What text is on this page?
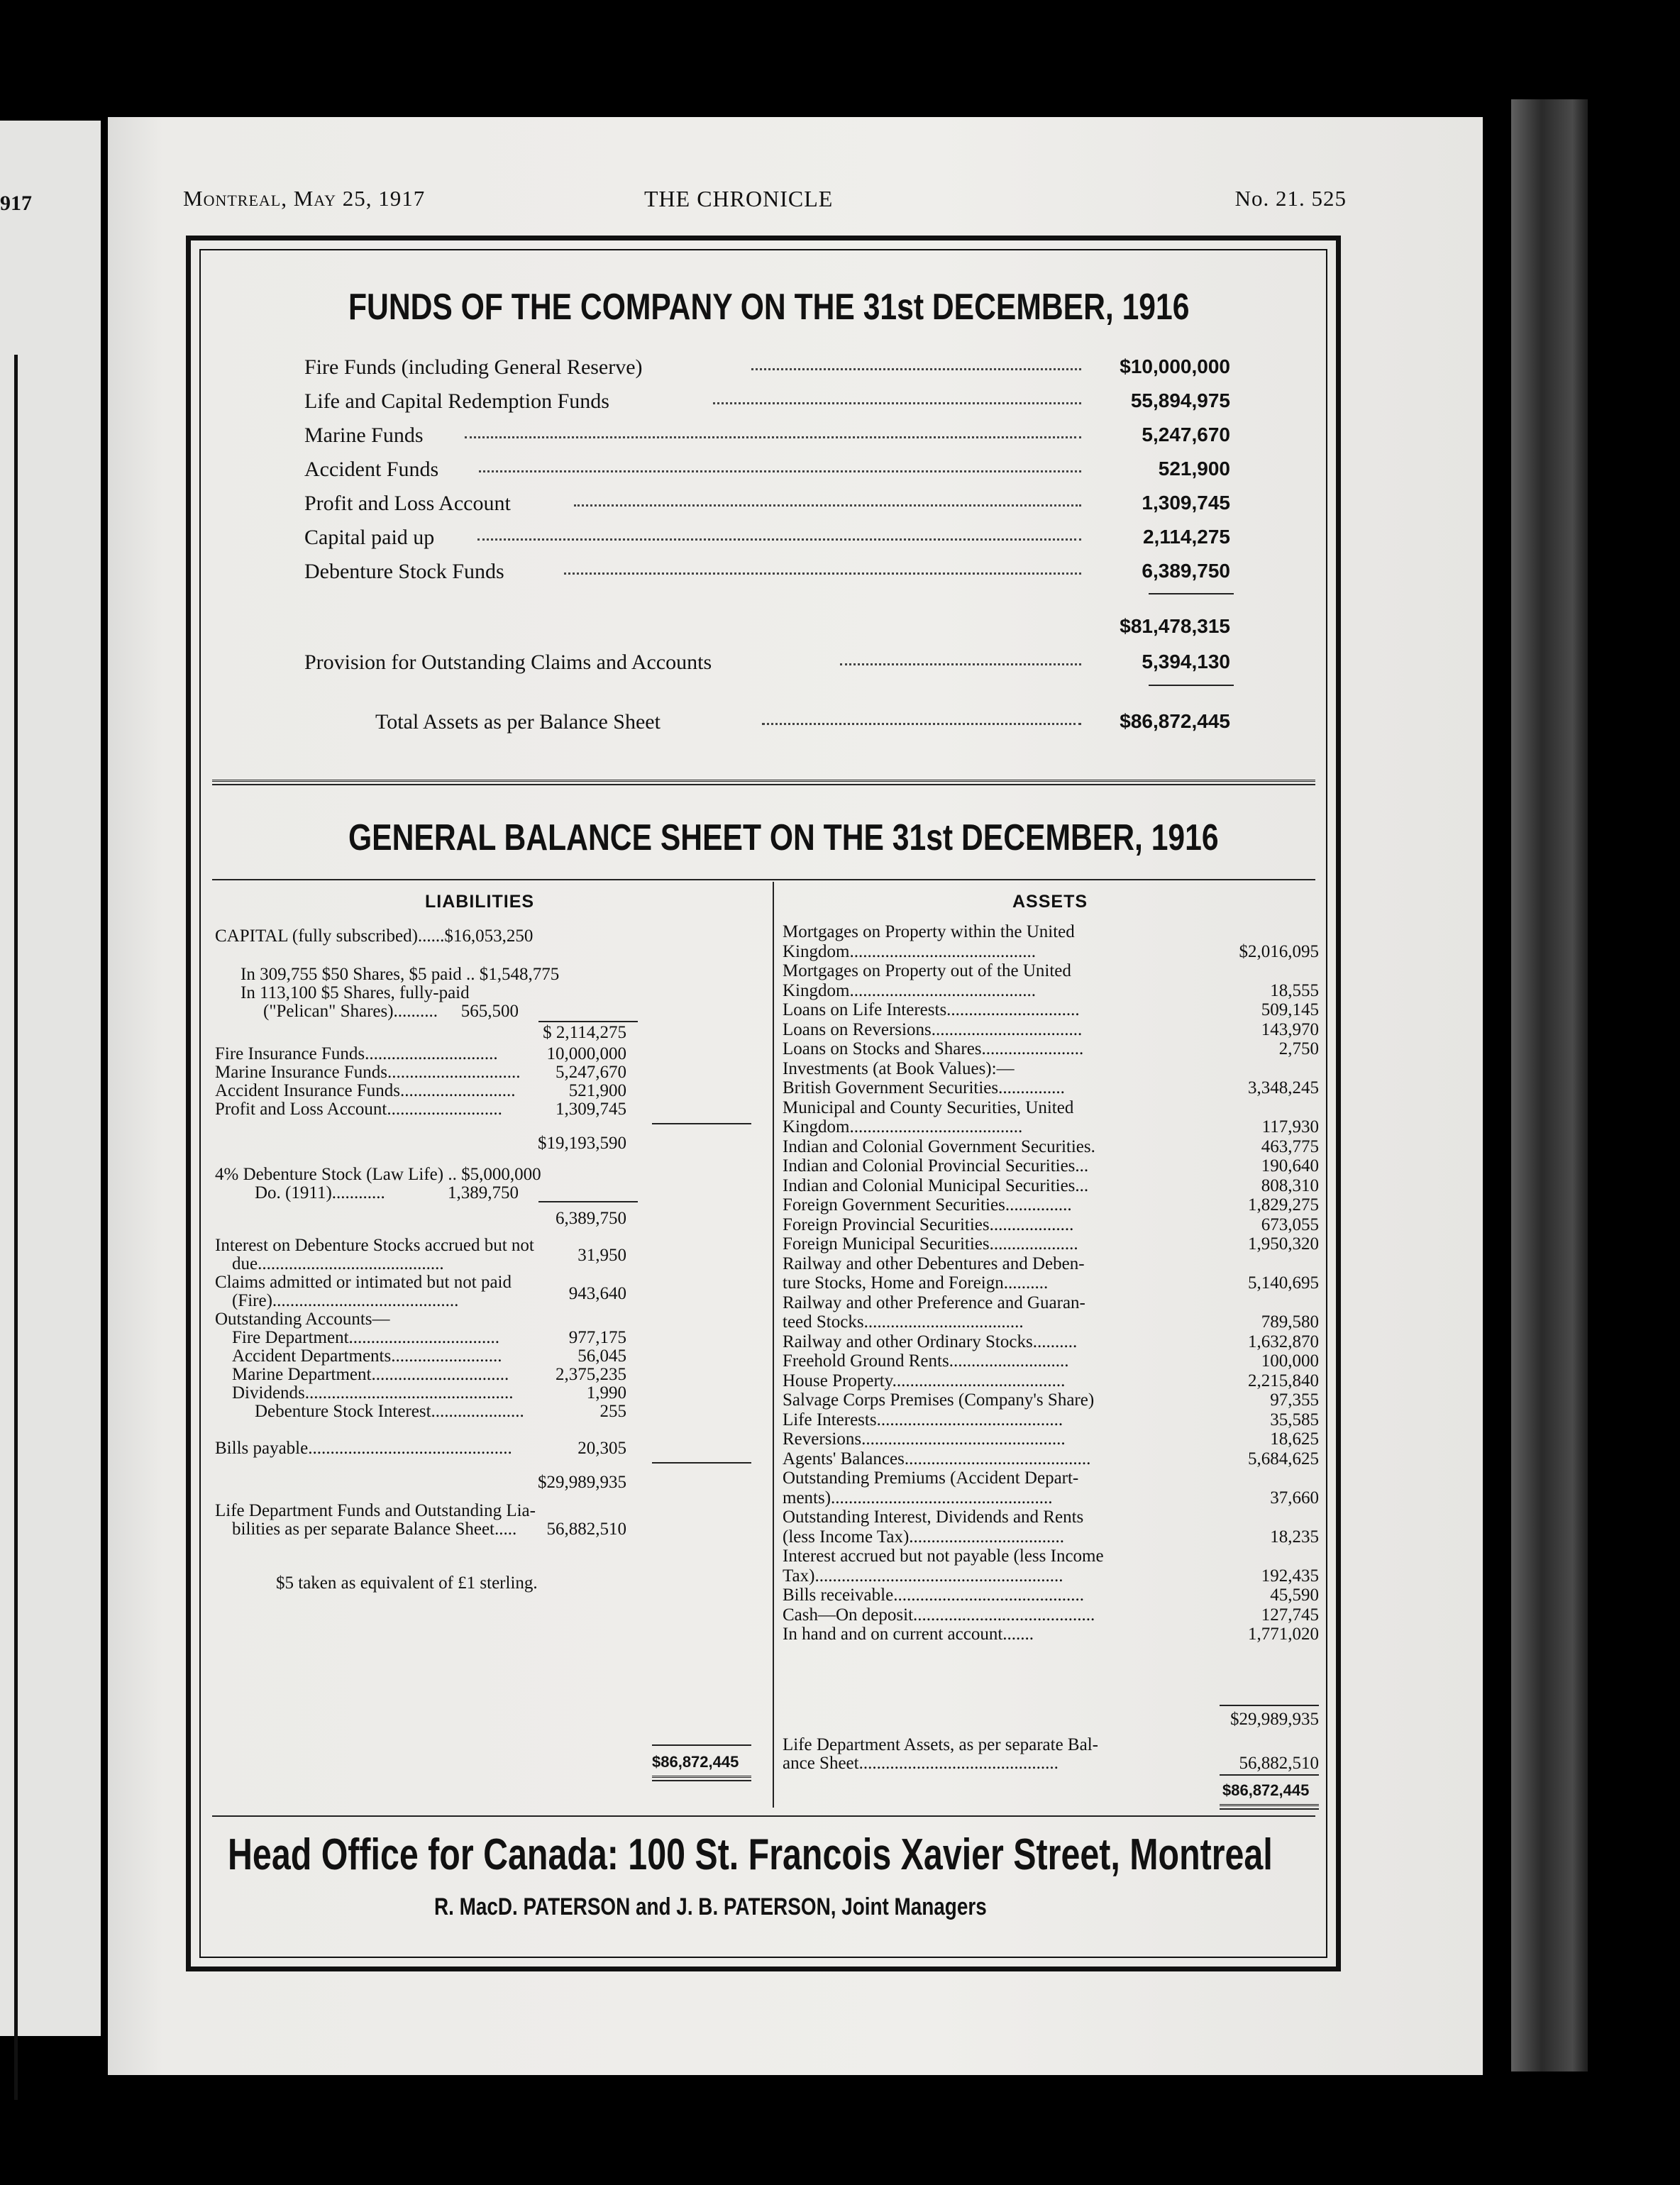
917	Montreal, May 25, 1917	THE CHRONICLE	No. 21. 525
FUNDS OF THE COMPANY ON THE 31st DECEMBER, 1916
Fire Funds (including General Reserve)	$10,000,000
Life and Capital Redemption Funds	55,894,975
Marine Funds	5,247,670
Accident Funds	521,900
Profit and Loss Account	1,309,745
Capital paid up	2,114,275
Debenture Stock Funds	6,389,750
$81,478,315
Provision for Outstanding Claims and Accounts	5,394,130
Total Assets as per Balance Sheet	$86,872,445
GENERAL BALANCE SHEET ON THE 31st DECEMBER, 1916
LIABILITIES	ASSETS
CAPITAL (fully subscribed)......$16,053,250
In 309,755 $50 Shares, $5 paid .. $1,548,775
In 113,100 $5 Shares, fully-paid
("Pelican" Shares).......... 565,500
$ 2,114,275
Fire Insurance Funds..............................	10,000,000
Marine Insurance Funds.............................. 5,247,670
Accident Insurance Funds..........................	521,900
Profit and Loss Account..........................	1,309,745
$19,193,590
4% Debenture Stock (Law Life) .. $5,000,000
Do. (1911)............	1,389,750
6,389,750
Interest on Debenture Stocks accrued but not
due..........................................	31,950
Claims admitted or intimated but not paid
(Fire)..........................................	943,640
Outstanding Accounts—
Fire Department..................................	977,175
Accident Departments.........................	56,045
Marine Department...............................	2,375,235
Dividends...............................................	1,990
Debenture Stock Interest.....................	255
Bills payable..............................................	20,305
$29,989,935
Life Department Funds and Outstanding Lia-
bilities as per separate Balance Sheet..... 56,882,510
$5 taken as equivalent of £1 sterling.
$86,872,445
Mortgages on Property within the United
Kingdom..........................................	$2,016,095
Mortgages on Property out of the United
Kingdom..........................................	18,555
Loans on Life Interests..............................	509,145
Loans on Reversions..................................	143,970
Loans on Stocks and Shares.......................	2,750
Investments (at Book Values):—
British Government Securities...............	3,348,245
Municipal and County Securities, United
Kingdom.......................................	117,930
Indian and Colonial Government Securities.	463,775
Indian and Colonial Provincial Securities...	190,640
Indian and Colonial Municipal Securities...	808,310
Foreign Government Securities...............	1,829,275
Foreign Provincial Securities...................	673,055
Foreign Municipal Securities....................	1,950,320
Railway and other Debentures and Deben-
ture Stocks, Home and Foreign..........	5,140,695
Railway and other Preference and Guaran-
teed Stocks....................................	789,580
Railway and other Ordinary Stocks..........	1,632,870
Freehold Ground Rents...........................	100,000
House Property.......................................	2,215,840
Salvage Corps Premises (Company's Share)	97,355
Life Interests..........................................	35,585
Reversions..............................................	18,625
Agents' Balances..........................................	5,684,625
Outstanding Premiums (Accident Depart-
ments)..................................................	37,660
Outstanding Interest, Dividends and Rents
(less Income Tax)...................................	18,235
Interest accrued but not payable (less Income
Tax)........................................................	192,435
Bills receivable...........................................	45,590
Cash—On deposit.........................................	127,745
In hand and on current account.......	1,771,020
$29,989,935
Life Department Assets, as per separate Bal-
ance Sheet.............................................	56,882,510
$86,872,445
Head Office for Canada: 100 St. Francois Xavier Street, Montreal
R. MacD. PATERSON and J. B. PATERSON, Joint Managers
